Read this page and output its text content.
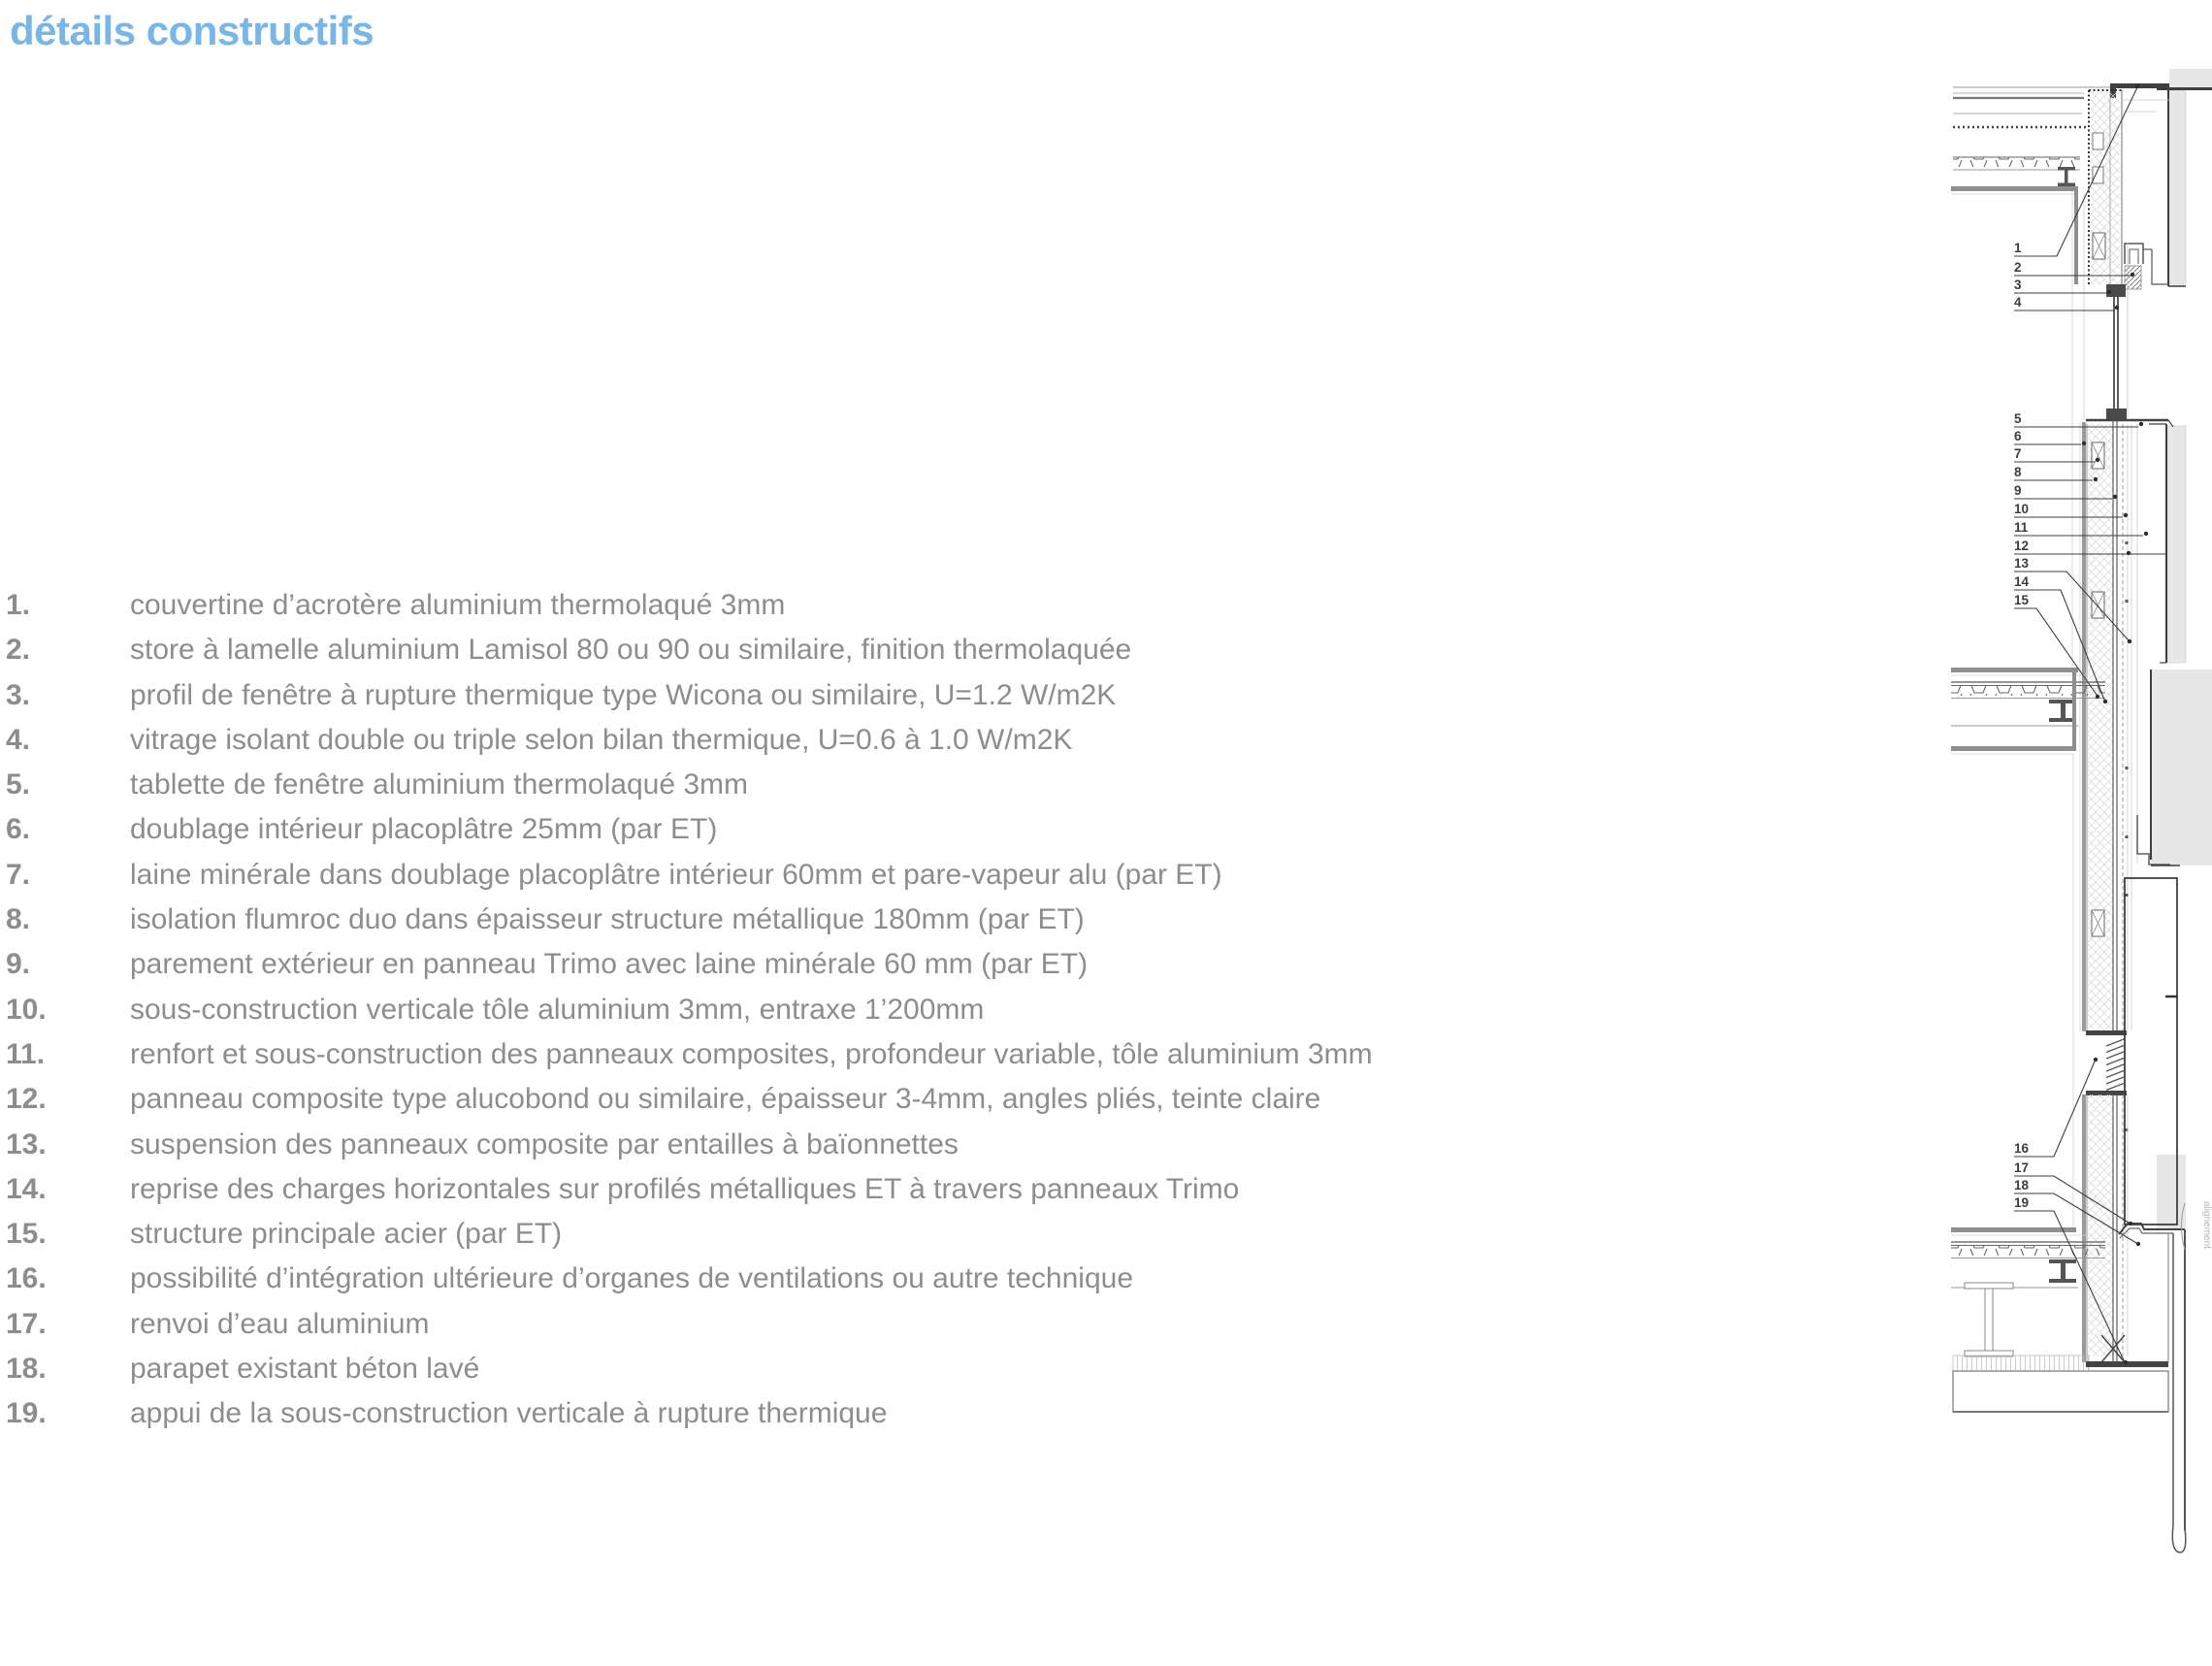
détails constructifs
1.	couvertine d’acrotère aluminium thermolaqué 3mm
2.	store à lamelle aluminium Lamisol 80 ou 90 ou similaire, finition thermolaquée
3.	profil de fenêtre à rupture thermique type Wicona ou similaire, U=1.2 W/m2K
4.	vitrage isolant double ou triple selon bilan thermique, U=0.6 à 1.0 W/m2K
5.	tablette de fenêtre aluminium thermolaqué 3mm
6.	doublage intérieur placoplâtre 25mm (par ET)
7.	laine minérale dans doublage placoplâtre intérieur 60mm et pare-vapeur alu (par ET)
8.	isolation flumroc duo dans épaisseur structure métallique 180mm (par ET)
9.	parement extérieur en panneau Trimo avec laine minérale 60 mm (par ET)
10.	sous-construction verticale tôle aluminium 3mm, entraxe 1’200mm
11.	renfort et sous-construction des panneaux composites, profondeur variable, tôle aluminium 3mm
12.	panneau composite type alucobond ou similaire, épaisseur 3-4mm, angles pliés, teinte claire
13.	suspension des panneaux composite par entailles à baïonnettes
14.	reprise des charges horizontales sur profilés métalliques ET à travers panneaux Trimo
15.	structure principale acier (par ET)
16.	possibilité d’intégration ultérieure d’organes de ventilations ou autre technique
17.	renvoi d’eau aluminium
18.	parapet existant béton lavé
19.	appui de la sous-construction verticale à rupture thermique
alignement
1
2
3
4
5
6
7
8
9
10
11
12
13
14
15
16
17
18
19
